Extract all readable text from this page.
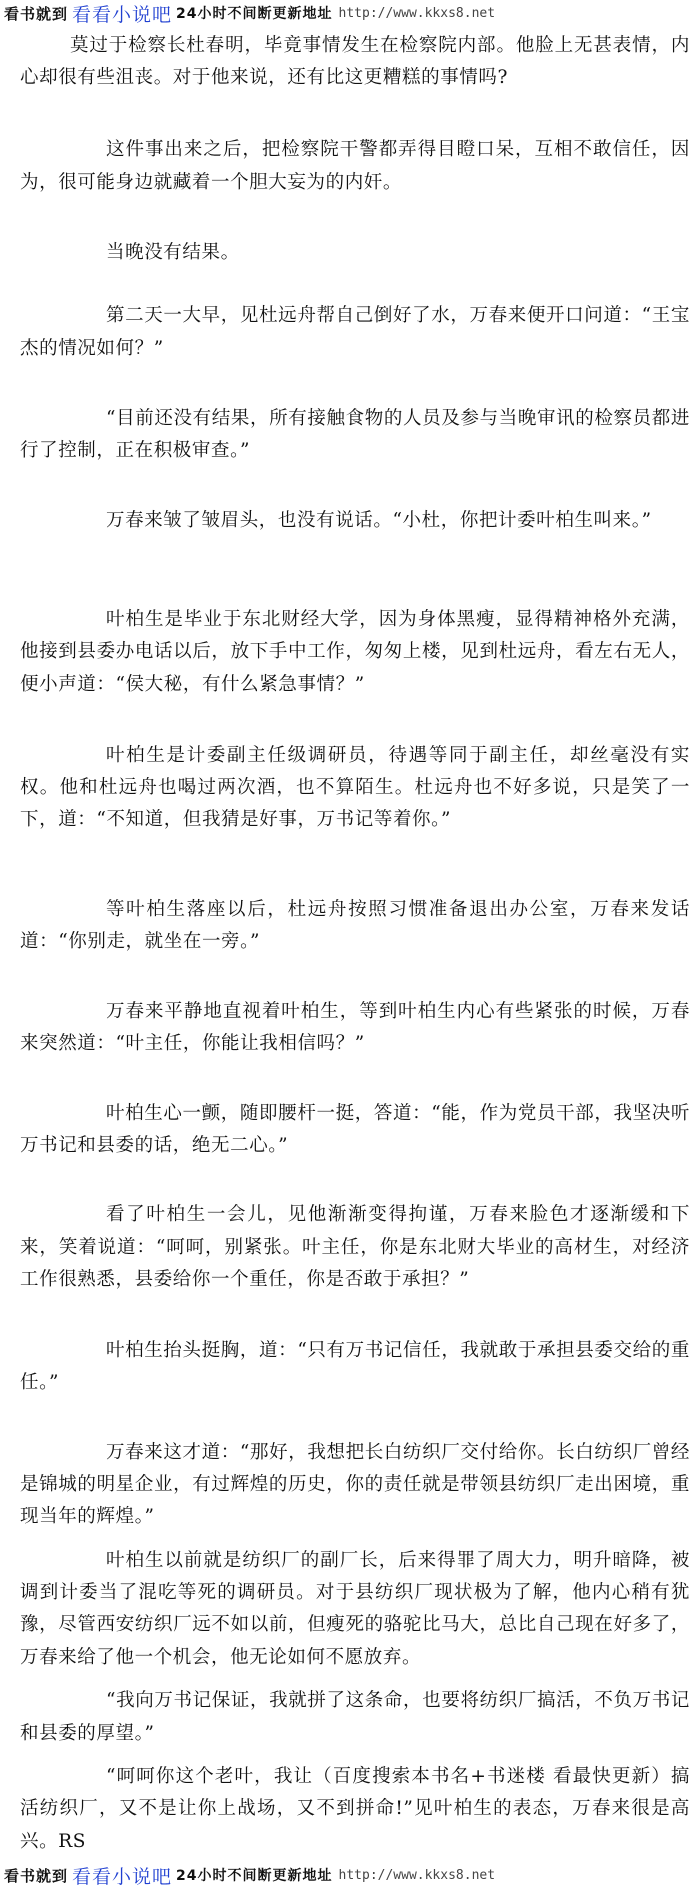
看书就到 看看小说吧 24小时不间断更新地址 http://www.kkxs8.net

莫过于检察长杜春明，毕竟事情发生在检察院内部。他脸上无甚表情，内心却很有些沮丧。对于他来说，还有比这更糟糕的事情吗?

这件事出来之后，把检察院干警都弄得目瞪口呆，互相不敢信任，因为，很可能身边就藏着一个胆大妄为的内奸。

当晚没有结果。

第二天一大早，见杜远舟帮自己倒好了水，万春来便开口问道：“王宝杰的情况如何？”

“目前还没有结果，所有接触食物的人员及参与当晚审讯的检察员都进行了控制，正在积极审查。”

万春来皱了皱眉头，也没有说话。“小杜，你把计委叶柏生叫来。”

叶柏生是毕业于东北财经大学，因为身体黑瘦，显得精神格外充满，他接到县委办电话以后，放下手中工作，匆匆上楼，见到杜远舟，看左右无人，便小声道：“侯大秘，有什么紧急事情？”

叶柏生是计委副主任级调研员，待遇等同于副主任，却丝毫没有实权。他和杜远舟也喝过两次酒，也不算陌生。杜远舟也不好多说，只是笑了一下，道：“不知道，但我猜是好事，万书记等着你。”

等叶柏生落座以后，杜远舟按照习惯准备退出办公室，万春来发话道：“你别走，就坐在一旁。”

万春来平静地直视着叶柏生，等到叶柏生内心有些紧张的时候，万春来突然道：“叶主任，你能让我相信吗？”

叶柏生心一颤，随即腰杆一挺，答道：“能，作为党员干部，我坚决听万书记和县委的话，绝无二心。”

看了叶柏生一会儿，见他渐渐变得拘谨，万春来脸色才逐渐缓和下来，笑着说道：“呵呵，别紧张。叶主任，你是东北财大毕业的高材生，对经济工作很熟悉，县委给你一个重任，你是否敢于承担？”

叶柏生抬头挺胸，道：“只有万书记信任，我就敢于承担县委交给的重任。”

万春来这才道：“那好，我想把长白纺织厂交付给你。长白纺织厂曾经是锦城的明星企业，有过辉煌的历史，你的责任就是带领县纺织厂走出困境，重现当年的辉煌。”

叶柏生以前就是纺织厂的副厂长，后来得罪了周大力，明升暗降，被调到计委当了混吃等死的调研员。对于县纺织厂现状极为了解，他内心稍有犹豫，尽管西安纺织厂远不如以前，但瘦死的骆驼比马大，总比自己现在好多了，万春来给了他一个机会，他无论如何不愿放弃。

“我向万书记保证，我就拼了这条命，也要将纺织厂搞活，不负万书记和县委的厚望。”

“呵呵你这个老叶，我让（百度搜索本书名+书迷楼 看最快更新）搞活纺织厂，又不是让你上战场，又不到拼命!”见叶柏生的表态，万春来很是高兴。RS

看书就到 看看小说吧 24小时不间断更新地址 http://www.kkxs8.net
